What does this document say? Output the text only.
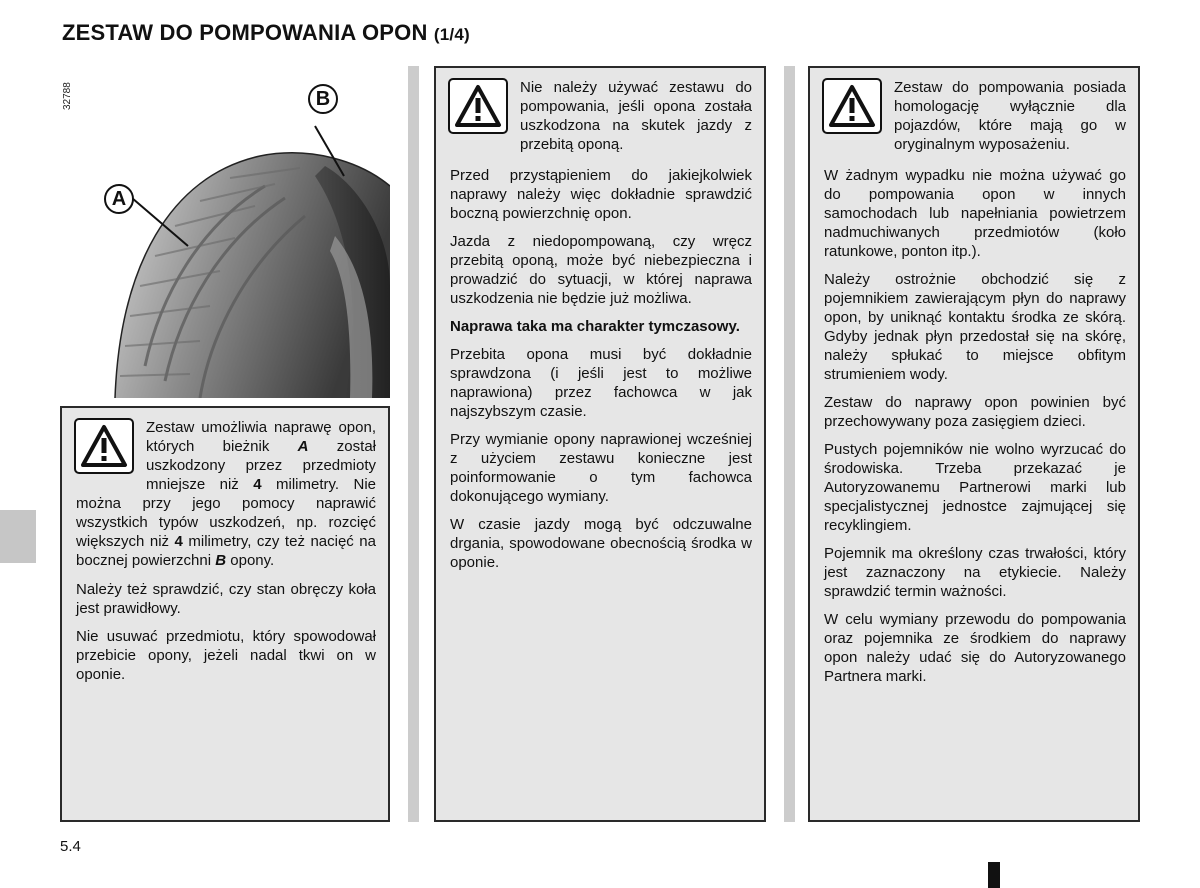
ZESTAW DO POMPOWANIA OPON (1/4)
32788
A
B

Zestaw umożliwia naprawę opon, których bieżnik A został uszkodzony przez przedmioty mniejsze niż 4 milimetry. Nie można przy jego pomocy naprawić wszystkich typów uszkodzeń, np. rozcięć większych niż 4 milimetry, czy też nacięć na bocznej powierzchni B opony.

Należy też sprawdzić, czy stan obręczy koła jest prawidłowy.

Nie usuwać przedmiotu, który spowodował przebicie opony, jeżeli nadal tkwi on w oponie.

Nie należy używać zestawu do pompowania, jeśli opona została uszkodzona na skutek jazdy z przebitą oponą.

Przed przystąpieniem do jakiejkolwiek naprawy należy więc dokładnie sprawdzić boczną powierzchnię opon.

Jazda z niedopompowaną, czy wręcz przebitą oponą, może być niebezpieczna i prowadzić do sytuacji, w której naprawa uszkodzenia nie będzie już możliwa.

Naprawa taka ma charakter tymczasowy.

Przebita opona musi być dokładnie sprawdzona (i jeśli jest to możliwe naprawiona) przez fachowca w jak najszybszym czasie.

Przy wymianie opony naprawionej wcześniej z użyciem zestawu konieczne jest poinformowanie o tym fachowca dokonującego wymiany.

W czasie jazdy mogą być odczuwalne drgania, spowodowane obecnością środka w oponie.

Zestaw do pompowania posiada homologację wyłącznie dla pojazdów, które mają go w oryginalnym wyposażeniu.

W żadnym wypadku nie można używać go do pompowania opon w innych samochodach lub napełniania powietrzem nadmuchiwanych przedmiotów (koło ratunkowe, ponton itp.).

Należy ostrożnie obchodzić się z pojemnikiem zawierającym płyn do naprawy opon, by uniknąć kontaktu środka ze skórą. Gdyby jednak płyn przedostał się na skórę, należy spłukać to miejsce obfitym strumieniem wody.

Zestaw do naprawy opon powinien być przechowywany poza zasięgiem dzieci.

Pustych pojemników nie wolno wyrzucać do środowiska. Trzeba przekazać je Autoryzowanemu Partnerowi marki lub specjalistycznej jednostce zajmującej się recyklingiem.

Pojemnik ma określony czas trwałości, który jest zaznaczony na etykiecie. Należy sprawdzić termin ważności.

W celu wymiany przewodu do pompowania oraz pojemnika ze środkiem do naprawy opon należy udać się do Autoryzowanego Partnera marki.

5.4
